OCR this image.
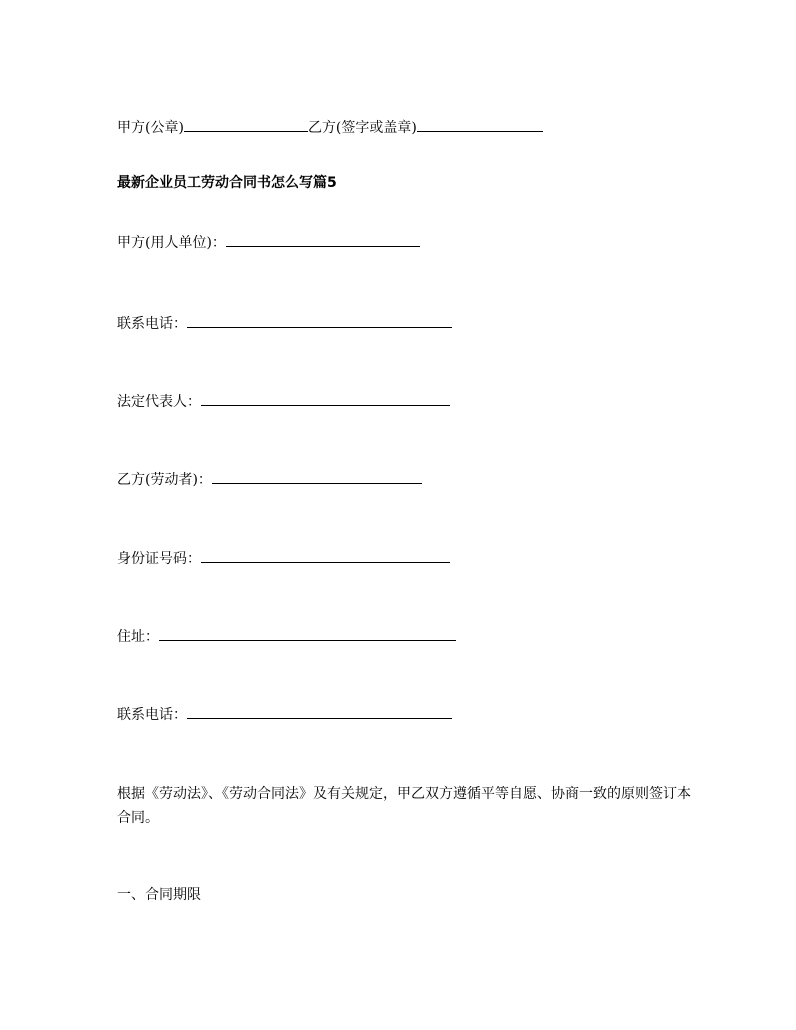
甲方(公章)	乙方(签字或盖章)
最新企业员工劳动合同书怎么写篇5
甲方(用人单位)：
联系电话：
法定代表人：
乙方(劳动者)：
身份证号码：
住址：
联系电话：
根据《劳动法》、《劳动合同法》及有关规定，甲乙双方遵循平等自愿、协商一致的原则签订本合同。
一、合同期限
